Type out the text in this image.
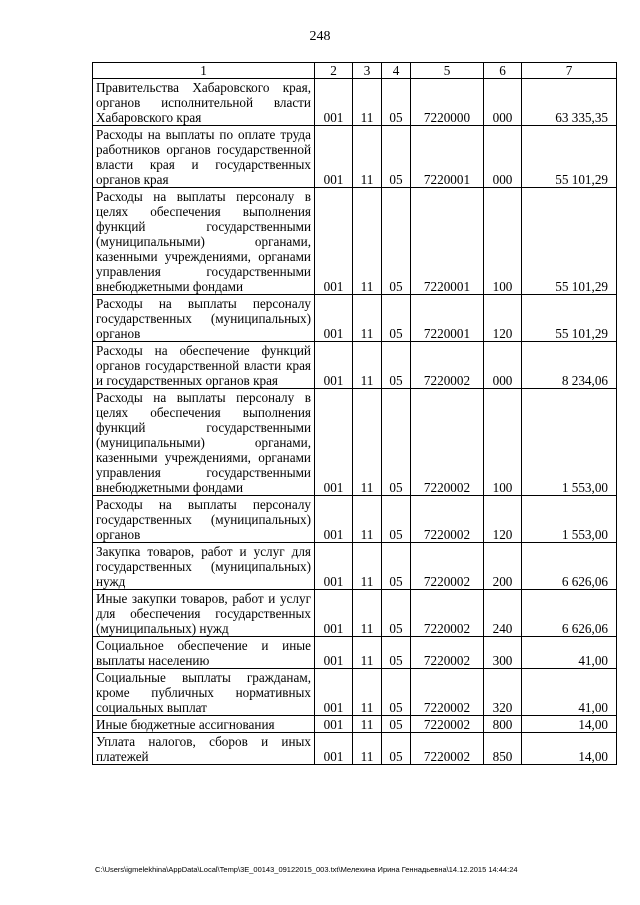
248
1	2	3	4	5	6	7
Правительства Хабаровского края, органов исполнительной власти Хабаровского края	001	11	05	7220000	000	63 335,35
Расходы на выплаты по оплате труда работников органов государственной власти края и государственных органов края	001	11	05	7220001	000	55 101,29
Расходы на выплаты персоналу в целях обеспечения выполнения функций государственными (муниципальными) органами, казенными учреждениями, органами управления государственными внебюджетными фондами	001	11	05	7220001	100	55 101,29
Расходы на выплаты персоналу государственных (муниципальных) органов	001	11	05	7220001	120	55 101,29
Расходы на обеспечение функций органов государственной власти края и государственных органов края	001	11	05	7220002	000	8 234,06
Расходы на выплаты персоналу в целях обеспечения выполнения функций государственными (муниципальными) органами, казенными учреждениями, органами управления государственными внебюджетными фондами	001	11	05	7220002	100	1 553,00
Расходы на выплаты персоналу государственных (муниципальных) органов	001	11	05	7220002	120	1 553,00
Закупка товаров, работ и услуг для государственных (муниципальных) нужд	001	11	05	7220002	200	6 626,06
Иные закупки товаров, работ и услуг для обеспечения государственных (муниципальных) нужд	001	11	05	7220002	240	6 626,06
Социальное обеспечение и иные выплаты населению	001	11	05	7220002	300	41,00
Социальные выплаты гражданам, кроме публичных нормативных социальных выплат	001	11	05	7220002	320	41,00
Иные бюджетные ассигнования	001	11	05	7220002	800	14,00
Уплата налогов, сборов и иных платежей	001	11	05	7220002	850	14,00
C:\Users\igmelekhina\AppData\Local\Temp\3E_00143_09122015_003.txt\Мелехина Ирина Геннадьевна\14.12.2015 14:44:24
